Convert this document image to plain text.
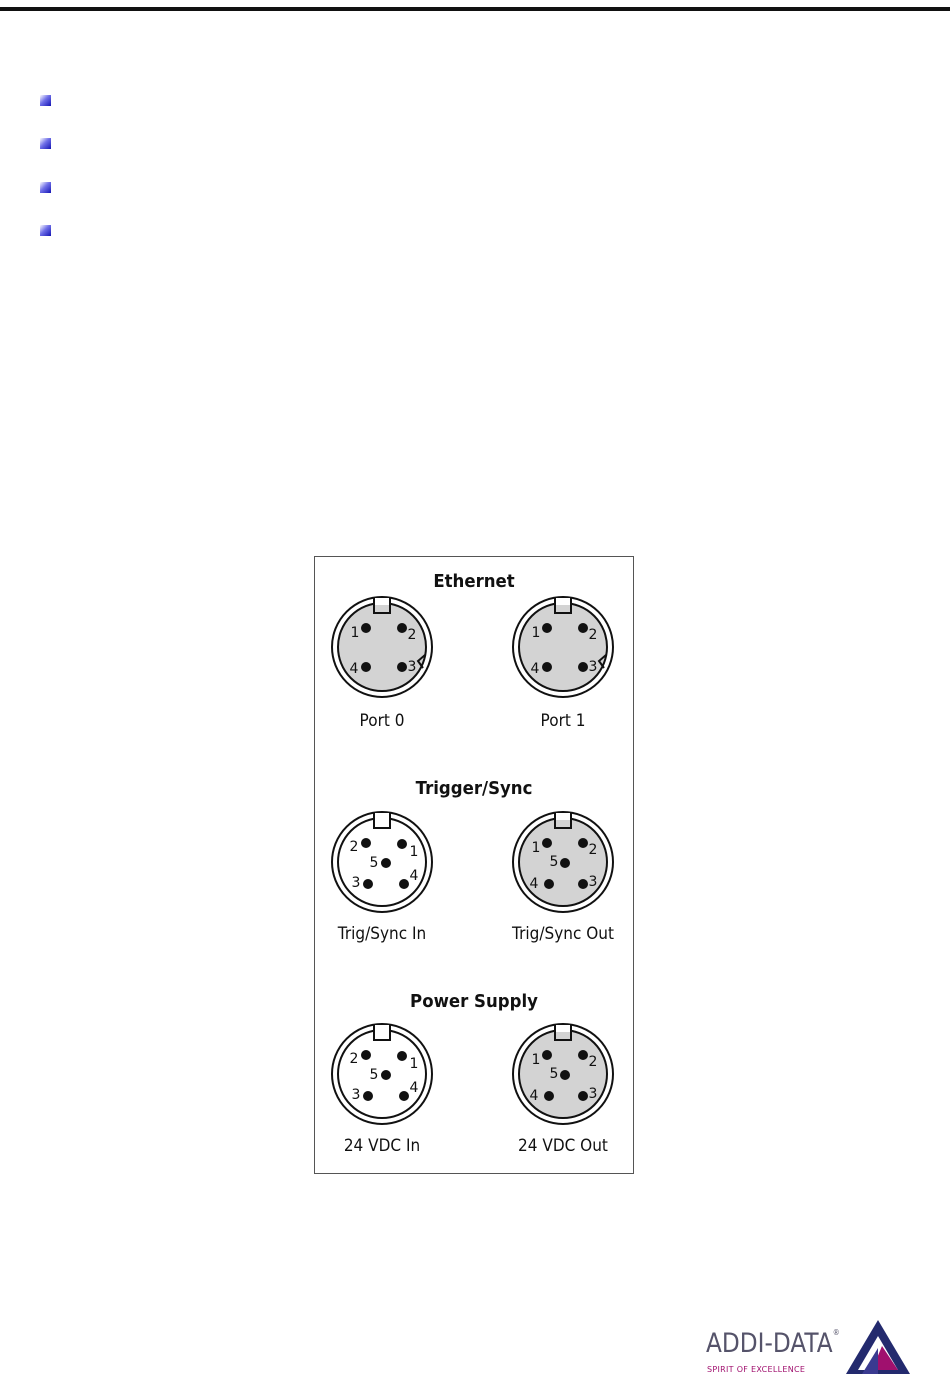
Ethernet
1	2
3
4
1	2
3
4
Port 0	Port 1
Trigger/Sync
1
2
3	4
5
1	2
3
4
5
Trig/Sync In	Trig/Sync Out
Power Supply
1
2
3	4
5
1	2
3
4
5
24 VDC In	24 VDC Out
ADDI-DATA®
SPIRIT OF EXCELLENCE
